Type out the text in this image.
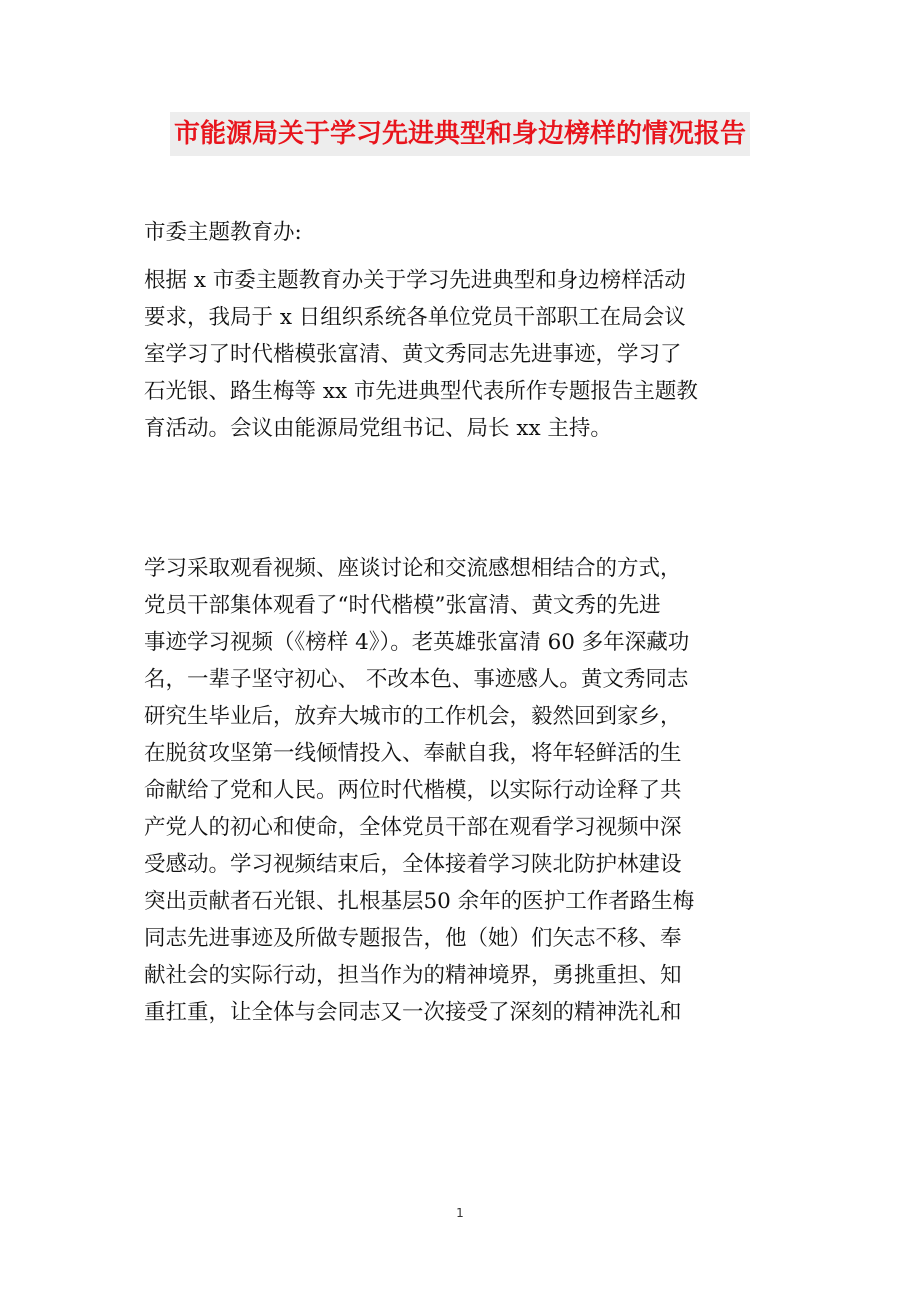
市能源局关于学习先进典型和身边榜样的情况报告
市委主题教育办:
根据 x 市委主题教育办关于学习先进典型和身边榜样活动
要求，我局于 x 日组织系统各单位党员干部职工在局会议
室学习了时代楷模张富清、黄文秀同志先进事迹，学习了
石光银、路生梅等 xx 市先进典型代表所作专题报告主题教
育活动。会议由能源局党组书记、局长 xx 主持。
学习采取观看视频、座谈讨论和交流感想相结合的方式，
党员干部集体观看了“时代楷模”张富清、黄文秀的先进
事迹学习视频（《榜样 4》）。老英雄张富清 60 多年深藏功
名，一辈子坚守初心、 不改本色、事迹感人。黄文秀同志
研究生毕业后，放弃大城市的工作机会，毅然回到家乡，
在脱贫攻坚第一线倾情投入、奉献自我，将年轻鲜活的生
命献给了党和人民。两位时代楷模，以实际行动诠释了共
产党人的初心和使命，全体党员干部在观看学习视频中深
受感动。学习视频结束后，全体接着学习陕北防护林建设
突出贡献者石光银、扎根基层50 余年的医护工作者路生梅
同志先进事迹及所做专题报告，他（她）们矢志不移、奉
献社会的实际行动，担当作为的精神境界，勇挑重担、知
重扛重，让全体与会同志又一次接受了深刻的精神洗礼和
1
